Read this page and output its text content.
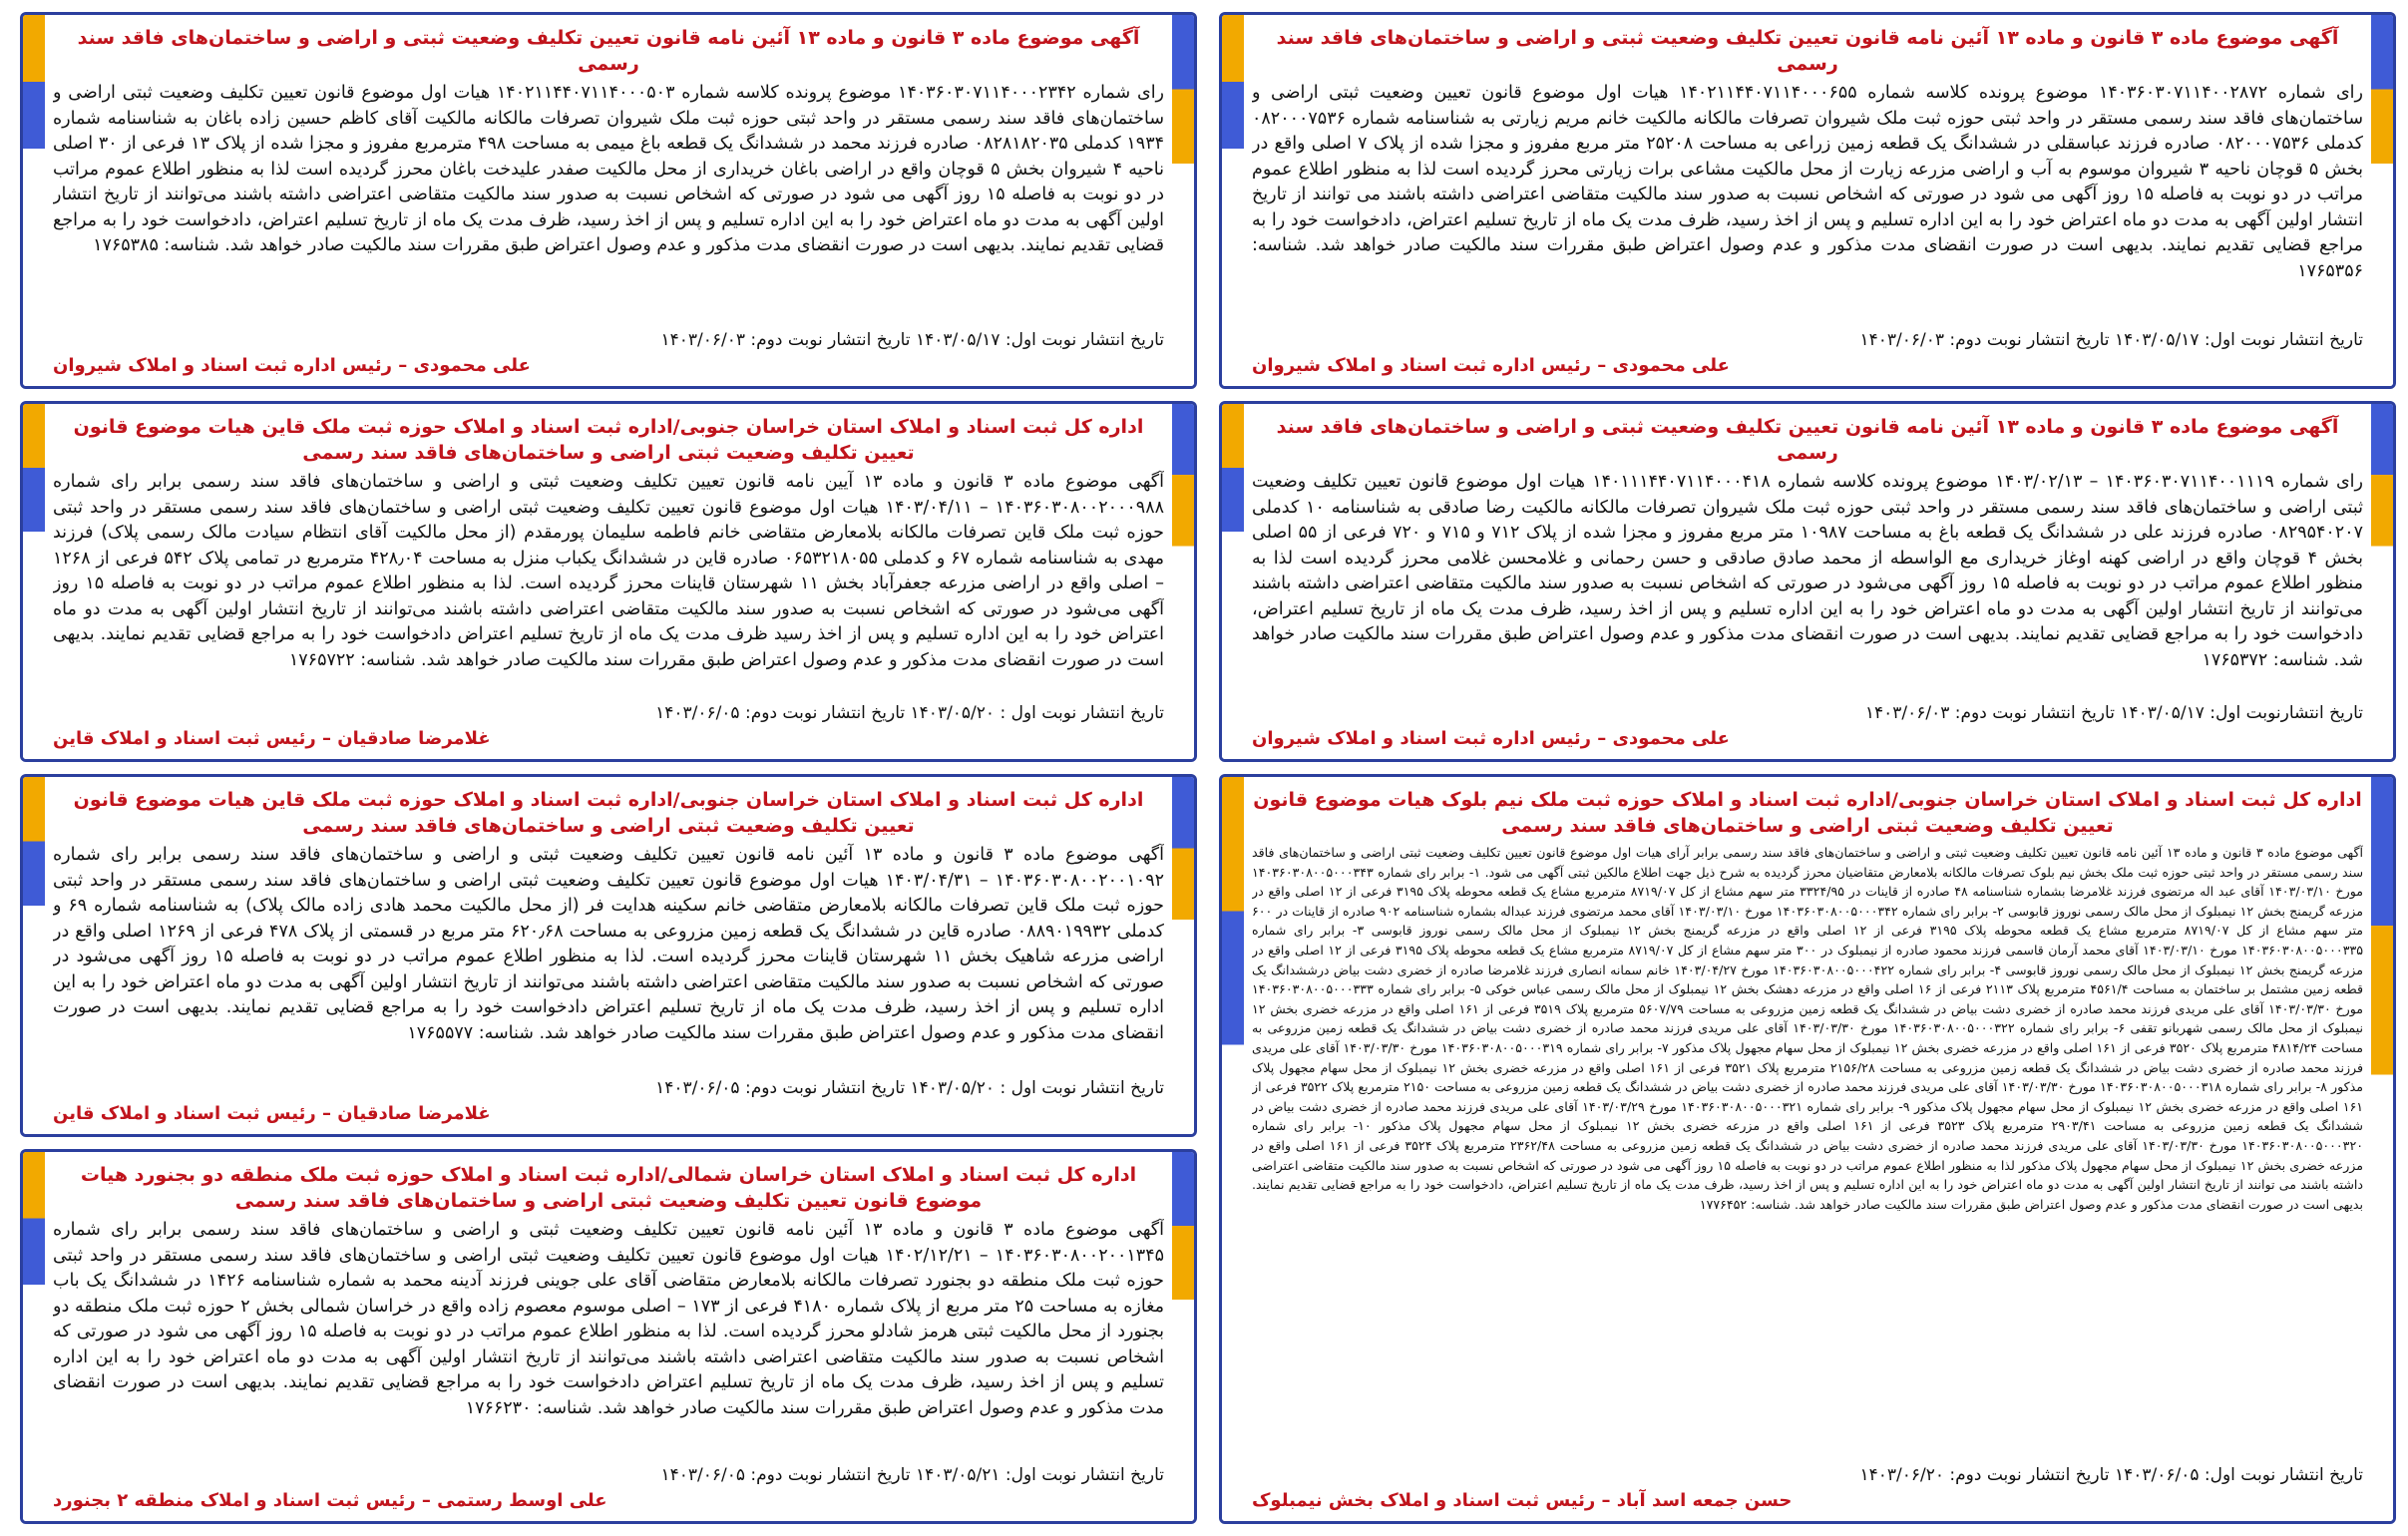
آگهی موضوع ماده ۳ قانون و ماده ۱۳ آئین نامه قانون تعیین تکلیف وضعیت ثبتی و اراضی و ساختمان‌های فاقد سند رسمی
رای شماره ۱۴۰۳۶۰۳۰۷۱۱۴۰۰۲۸۷۲ موضوع پرونده کلاسه شماره ۱۴۰۲۱۱۴۴۰۷۱۱۴۰۰۰۶۵۵ هیات اول موضوع قانون تعیین وضعیت ثبتی اراضی و ساختمان‌های فاقد سند رسمی مستقر در واحد ثبتی حوزه ثبت ملک شیروان تصرفات مالکانه مالکیت خانم مریم زیارتی به شناسنامه شماره ۰۸۲۰۰۰۷۵۳۶ کدملی ۰۸۲۰۰۰۷۵۳۶ صادره فرزند عباسقلی در ششدانگ یک قطعه زمین زراعی به مساحت ۲۵۲۰۸ متر مربع مفروز و مجزا شده از پلاک ۷ اصلی واقع در بخش ۵ قوچان ناحیه ۳ شیروان موسوم به آب و اراضی مزرعه زیارت از محل مالکیت مشاعی برات زیارتی محرز گردیده است لذا به منظور اطلاع عموم مراتب در دو نوبت به فاصله ۱۵ روز آگهی می شود در صورتی که اشخاص نسبت به صدور سند مالکیت متقاضی اعتراضی داشته باشند می توانند از تاریخ انتشار اولین آگهی به مدت دو ماه اعتراض خود را به این اداره تسلیم و پس از اخذ رسید، ظرف مدت یک ماه از تاریخ تسلیم اعتراض، دادخواست خود را به مراجع قضایی تقدیم نمایند. بدیهی است در صورت انقضای مدت مذکور و عدم وصول اعتراض طبق مقررات سند مالکیت صادر خواهد شد. شناسه: ۱۷۶۵۳۵۶
تاریخ انتشار نوبت اول: ۱۴۰۳/۰۵/۱۷ تاریخ انتشار نوبت دوم: ۱۴۰۳/۰۶/۰۳
علی محمودی – رئیس اداره ثبت اسناد و املاک شیروان
آگهی موضوع ماده ۳ قانون و ماده ۱۳ آئین نامه قانون تعیین تکلیف وضعیت ثبتی و اراضی و ساختمان‌های فاقد سند رسمی
رای شماره ۱۴۰۳۶۰۳۰۷۱۱۴۰۰۰۲۳۴۲ موضوع پرونده کلاسه شماره ۱۴۰۲۱۱۴۴۰۷۱۱۴۰۰۰۵۰۳ هیات اول موضوع قانون تعیین تکلیف وضعیت ثبتی اراضی و ساختمان‌های فاقد سند رسمی مستقر در واحد ثبتی حوزه ثبت ملک شیروان تصرفات مالکانه مالکیت آقای کاظم حسین زاده باغان به شناسنامه شماره ۱۹۳۴ کدملی ۰۸۲۸۱۸۲۰۳۵ صادره فرزند محمد در ششدانگ یک قطعه باغ میمی به مساحت ۴۹۸ مترمربع مفروز و مجزا شده از پلاک ۱۳ فرعی از ۳۰ اصلی ناحیه ۴ شیروان بخش ۵ قوچان واقع در اراضی باغان خریداری از محل مالکیت صفدر علیدخت باغان محرز گردیده است لذا به منظور اطلاع عموم مراتب در دو نوبت به فاصله ۱۵ روز آگهی می شود در صورتی که اشخاص نسبت به صدور سند مالکیت متقاضی اعتراضی داشته باشند می‌توانند از تاریخ انتشار اولین آگهی به مدت دو ماه اعتراض خود را به این اداره تسلیم و پس از اخذ رسید، ظرف مدت یک ماه از تاریخ تسلیم اعتراض، دادخواست خود را به مراجع قضایی تقدیم نمایند. بدیهی است در صورت انقضای مدت مذکور و عدم وصول اعتراض طبق مقررات سند مالکیت صادر خواهد شد. شناسه: ۱۷۶۵۳۸۵
تاریخ انتشار نوبت اول: ۱۴۰۳/۰۵/۱۷ تاریخ انتشار نوبت دوم: ۱۴۰۳/۰۶/۰۳
علی محمودی – رئیس اداره ثبت اسناد و املاک شیروان
آگهی موضوع ماده ۳ قانون و ماده ۱۳ آئین نامه قانون تعیین تکلیف وضعیت ثبتی و اراضی و ساختمان‌های فاقد سند رسمی
رای شماره ۱۴۰۳۶۰۳۰۷۱۱۴۰۰۱۱۱۹ – ۱۴۰۳/۰۲/۱۳ موضوع پرونده کلاسه شماره ۱۴۰۱۱۱۴۴۰۷۱۱۴۰۰۰۴۱۸ هیات اول موضوع قانون تعیین تکلیف وضعیت ثبتی اراضی و ساختمان‌های فاقد سند رسمی مستقر در واحد ثبتی حوزه ثبت ملک شیروان تصرفات مالکانه مالکیت رضا صادقی به شناسنامه ۱۰ کدملی ۰۸۲۹۵۴۰۲۰۷ صادره فرزند علی در ششدانگ یک قطعه باغ به مساحت ۱۰۹۸۷ متر مربع مفروز و مجزا شده از پلاک ۷۱۲ و ۷۱۵ و ۷۲۰ فرعی از ۵۵ اصلی بخش ۴ قوچان واقع در اراضی کهنه اوغاز خریداری مع الواسطه از محمد صادق صادقی و حسن رحمانی و غلامحسن غلامی محرز گردیده است لذا به منظور اطلاع عموم مراتب در دو نوبت به فاصله ۱۵ روز آگهی می‌شود در صورتی که اشخاص نسبت به صدور سند مالکیت متقاضی اعتراضی داشته باشند می‌توانند از تاریخ انتشار اولین آگهی به مدت دو ماه اعتراض خود را به این اداره تسلیم و پس از اخذ رسید، ظرف مدت یک ماه از تاریخ تسلیم اعتراض، دادخواست خود را به مراجع قضایی تقدیم نمایند. بدیهی است در صورت انقضای مدت مذکور و عدم وصول اعتراض طبق مقررات سند مالکیت صادر خواهد شد. شناسه: ۱۷۶۵۳۷۲
تاریخ انتشارنوبت اول: ۱۴۰۳/۰۵/۱۷ تاریخ انتشار نوبت دوم: ۱۴۰۳/۰۶/۰۳
علی محمودی – رئیس اداره ثبت اسناد و املاک شیروان
اداره کل ثبت اسناد و املاک استان خراسان جنوبی/اداره ثبت اسناد و املاک حوزه ثبت ملک قاین هیات موضوع قانون تعیین تکلیف وضعیت ثبتی اراضی و ساختمان‌های فاقد سند رسمی
آگهی موضوع ماده ۳ قانون و ماده ۱۳ آیین نامه قانون تعیین تکلیف وضعیت ثبتی و اراضی و ساختمان‌های فاقد سند رسمی برابر رای شماره ۱۴۰۳۶۰۳۰۸۰۰۲۰۰۰۹۸۸ – ۱۴۰۳/۰۴/۱۱ هیات اول موضوع قانون تعیین تکلیف وضعیت ثبتی اراضی و ساختمان‌های فاقد سند رسمی مستقر در واحد ثبتی حوزه ثبت ملک قاین تصرفات مالکانه بلامعارض متقاضی خانم فاطمه سلیمان پورمقدم (از محل مالکیت آقای انتظام سیادت مالک رسمی پلاک) فرزند مهدی به شناسنامه شماره ۶۷ و کدملی ۰۶۵۳۲۱۸۰۵۵ صادره قاین در ششدانگ یکباب منزل به مساحت ۴۲۸٫۰۴ مترمربع در تمامی پلاک ۵۴۲ فرعی از ۱۲۶۸ – اصلی واقع در اراضی مزرعه جعفرآباد بخش ۱۱ شهرستان قاینات محرز گردیده است. لذا به منظور اطلاع عموم مراتب در دو نوبت به فاصله ۱۵ روز آگهی می‌شود در صورتی که اشخاص نسبت به صدور سند مالکیت متقاضی اعتراضی داشته باشند می‌توانند از تاریخ انتشار اولین آگهی به مدت دو ماه اعتراض خود را به این اداره تسلیم و پس از اخذ رسید ظرف مدت یک ماه از تاریخ تسلیم اعتراض دادخواست خود را به مراجع قضایی تقدیم نمایند. بدیهی است در صورت انقضای مدت مذکور و عدم وصول اعتراض طبق مقررات سند مالکیت صادر خواهد شد. شناسه: ۱۷۶۵۷۲۲
تاریخ انتشار نوبت اول : ۱۴۰۳/۰۵/۲۰ تاریخ انتشار نوبت دوم: ۱۴۰۳/۰۶/۰۵
غلامرضا صادقیان – رئیس ثبت اسناد و املاک قاین
اداره کل ثبت اسناد و املاک استان خراسان جنوبی/اداره ثبت اسناد و املاک حوزه ثبت ملک قاین هیات موضوع قانون تعیین تکلیف وضعیت ثبتی اراضی و ساختمان‌های فاقد سند رسمی
آگهی موضوع ماده ۳ قانون و ماده ۱۳ آئین نامه قانون تعیین تکلیف وضعیت ثبتی و اراضی و ساختمان‌های فاقد سند رسمی برابر رای شماره ۱۴۰۳۶۰۳۰۸۰۰۲۰۰۱۰۹۲ – ۱۴۰۳/۰۴/۳۱ هیات اول موضوع قانون تعیین تکلیف وضعیت ثبتی اراضی و ساختمان‌های فاقد سند رسمی مستقر در واحد ثبتی حوزه ثبت ملک قاین تصرفات مالکانه بلامعارض متقاضی خانم سکینه هدایت فر (از محل مالکیت محمد هادی زاده مالک پلاک) به شناسنامه شماره ۶۹ و کدملی ۰۸۸۹۰۱۹۹۳۲ صادره قاین در ششدانگ یک قطعه زمین مزروعی به مساحت ۶۲۰٫۶۸ متر مربع در قسمتی از پلاک ۴۷۸ فرعی از ۱۲۶۹ اصلی واقع در اراضی مزرعه شاهیک بخش ۱۱ شهرستان قاینات محرز گردیده است. لذا به منظور اطلاع عموم مراتب در دو نوبت به فاصله ۱۵ روز آگهی می‌شود در صورتی که اشخاص نسبت به صدور سند مالکیت متقاضی اعتراضی داشته باشند می‌توانند از تاریخ انتشار اولین آگهی به مدت دو ماه اعتراض خود را به این اداره تسلیم و پس از اخذ رسید، ظرف مدت یک ماه از تاریخ تسلیم اعتراض دادخواست خود را به مراجع قضایی تقدیم نمایند. بدیهی است در صورت انقضای مدت مذکور و عدم وصول اعتراض طبق مقررات سند مالکیت صادر خواهد شد. شناسه: ۱۷۶۵۵۷۷
تاریخ انتشار نوبت اول : ۱۴۰۳/۰۵/۲۰ تاریخ انتشار نوبت دوم: ۱۴۰۳/۰۶/۰۵
غلامرضا صادقیان – رئیس ثبت اسناد و املاک قاین
اداره کل ثبت اسناد و املاک استان خراسان شمالی/اداره ثبت اسناد و املاک حوزه ثبت ملک منطقه دو بجنورد هیات موضوع قانون تعیین تکلیف وضعیت ثبتی اراضی و ساختمان‌های فاقد سند رسمی
آگهی موضوع ماده ۳ قانون و ماده ۱۳ آئین نامه قانون تعیین تکلیف وضعیت ثبتی و اراضی و ساختمان‌های فاقد سند رسمی برابر رای شماره ۱۴۰۳۶۰۳۰۸۰۰۲۰۰۱۳۴۵ – ۱۴۰۲/۱۲/۲۱ هیات اول موضوع قانون تعیین تکلیف وضعیت ثبتی اراضی و ساختمان‌های فاقد سند رسمی مستقر در واحد ثبتی حوزه ثبت ملک منطقه دو بجنورد تصرفات مالکانه بلامعارض متقاضی آقای علی جوینی فرزند آدینه محمد به شماره شناسنامه ۱۴۲۶ در ششدانگ یک باب مغازه به مساحت ۲۵ متر مربع از پلاک شماره ۴۱۸۰ فرعی از ۱۷۳ – اصلی موسوم معصوم زاده واقع در خراسان شمالی بخش ۲ حوزه ثبت ملک منطقه دو بجنورد از محل مالکیت ثبتی هرمز شادلو محرز گردیده است. لذا به منظور اطلاع عموم مراتب در دو نوبت به فاصله ۱۵ روز آگهی می شود در صورتی که اشخاص نسبت به صدور سند مالکیت متقاضی اعتراضی داشته باشند می‌توانند از تاریخ انتشار اولین آگهی به مدت دو ماه اعتراض خود را به این اداره تسلیم و پس از اخذ رسید، ظرف مدت یک ماه از تاریخ تسلیم اعتراض دادخواست خود را به مراجع قضایی تقدیم نمایند. بدیهی است در صورت انقضای مدت مذکور و عدم وصول اعتراض طبق مقررات سند مالکیت صادر خواهد شد. شناسه: ۱۷۶۶۲۳۰
تاریخ انتشار نوبت اول: ۱۴۰۳/۰۵/۲۱ تاریخ انتشار نوبت دوم: ۱۴۰۳/۰۶/۰۵
علی اوسط رستمی – رئیس ثبت اسناد و املاک منطقه ۲ بجنورد
اداره کل ثبت اسناد و املاک استان خراسان جنوبی/اداره ثبت اسناد و املاک حوزه ثبت ملک نیم بلوک هیات موضوع قانون تعیین تکلیف وضعیت ثبتی اراضی و ساختمان‌های فاقد سند رسمی
آگهی موضوع ماده ۳ قانون و ماده ۱۳ آئین نامه قانون تعیین تکلیف وضعیت ثبتی و اراضی و ساختمان‌های فاقد سند رسمی برابر آرای هیات اول موضوع قانون تعیین تکلیف وضعیت ثبتی اراضی و ساختمان‌های فاقد سند رسمی مستقر در واحد ثبتی حوزه ثبت ملک بخش نیم بلوک تصرفات مالکانه بلامعارض متقاضیان محرز گردیده به شرح ذیل جهت اطلاع مالکین ثبتی آگهی می شود. ۱- برابر رای شماره ۱۴۰۳۶۰۳۰۸۰۰۵۰۰۰۳۴۳ مورخ ۱۴۰۳/۰۳/۱۰ آقای عبد اله مرتضوی فرزند غلامرضا بشماره شناسنامه ۴۸ صادره از قاینات در ۳۳۲۴/۹۵ متر سهم مشاع از کل ۸۷۱۹/۰۷ مترمربع مشاع یک قطعه محوطه پلاک ۳۱۹۵ فرعی از ۱۲ اصلی واقع در مزرعه گریمنج بخش ۱۲ نیمبلوک از محل مالک رسمی نوروز قابوسی ۲- برابر رای شماره ۱۴۰۳۶۰۳۰۸۰۰۵۰۰۰۳۴۲ مورخ ۱۴۰۳/۰۳/۱۰ آقای محمد مرتضوی فرزند عبداله بشماره شناسنامه ۹۰۲ صادره از قاینات در ۶۰۰ متر سهم مشاع از کل ۸۷۱۹/۰۷ مترمربع مشاع یک قطعه محوطه پلاک ۳۱۹۵ فرعی از ۱۲ اصلی واقع در مزرعه گریمنج بخش ۱۲ نیمبلوک از محل مالک رسمی نوروز قابوسی ۳- برابر رای شماره ۱۴۰۳۶۰۳۰۸۰۰۵۰۰۰۳۳۵ مورخ ۱۴۰۳/۰۳/۱۰ آقای محمد آرمان قاسمی فرزند محمود صادره از نیمبلوک در ۳۰۰ متر سهم مشاع از کل ۸۷۱۹/۰۷ مترمربع مشاع یک قطعه محوطه پلاک ۳۱۹۵ فرعی از ۱۲ اصلی واقع در مزرعه گریمنج بخش ۱۲ نیمبلوک از محل مالک رسمی نوروز قابوسی ۴- برابر رای شماره ۱۴۰۳۶۰۳۰۸۰۰۵۰۰۰۴۲۲ مورخ ۱۴۰۳/۰۴/۲۷ خانم سمانه انصاری فرزند غلامرضا صادره از خضری دشت بیاض درششدانگ یک قطعه زمین مشتمل بر ساختمان به مساحت ۴۵۶۱/۴ مترمربع پلاک ۲۱۱۳ فرعی از ۱۶ اصلی واقع در مزرعه دهشک بخش ۱۲ نیمبلوک از محل مالک رسمی عباس خوکی ۵- برابر رای شماره ۱۴۰۳۶۰۳۰۸۰۰۵۰۰۰۳۳۳ مورخ ۱۴۰۳/۰۳/۳۰ آقای علی مریدی فرزند محمد صادره از خضری دشت بیاض در ششدانگ یک قطعه زمین مزروعی به مساحت ۵۶۰۷/۷۹ مترمربع پلاک ۳۵۱۹ فرعی از ۱۶۱ اصلی واقع در مزرعه خضری بخش ۱۲ نیمبلوک از محل مالک رسمی شهربانو تقفی ۶- برابر رای شماره ۱۴۰۳۶۰۳۰۸۰۰۵۰۰۰۳۲۲ مورخ ۱۴۰۳/۰۳/۳۰ آقای علی مریدی فرزند محمد صادره از خضری دشت بیاض در ششدانگ یک قطعه زمین مزروعی به مساحت ۴۸۱۴/۲۴ مترمربع پلاک ۳۵۲۰ فرعی از ۱۶۱ اصلی واقع در مزرعه خضری بخش ۱۲ نیمبلوک از محل سهام مجهول پلاک مذکور ۷- برابر رای شماره ۱۴۰۳۶۰۳۰۸۰۰۵۰۰۰۳۱۹ مورخ ۱۴۰۳/۰۳/۳۰ آقای علی مریدی فرزند محمد صادره از خضری دشت بیاض در ششدانگ یک قطعه زمین مزروعی به مساحت ۲۱۵۶/۲۸ مترمربع پلاک ۳۵۲۱ فرعی از ۱۶۱ اصلی واقع در مزرعه خضری بخش ۱۲ نیمبلوک از محل سهام مجهول پلاک مذکور ۸- برابر رای شماره ۱۴۰۳۶۰۳۰۸۰۰۵۰۰۰۳۱۸ مورخ ۱۴۰۳/۰۳/۳۰ آقای علی مریدی فرزند محمد صادره از خضری دشت بیاض در ششدانگ یک قطعه زمین مزروعی به مساحت ۲۱۵۰ مترمربع پلاک ۳۵۲۲ فرعی از ۱۶۱ اصلی واقع در مزرعه خضری بخش ۱۲ نیمبلوک از محل سهام مجهول پلاک مذکور ۹- برابر رای شماره ۱۴۰۳۶۰۳۰۸۰۰۵۰۰۰۳۲۱ مورخ ۱۴۰۳/۰۳/۲۹ آقای علی مریدی فرزند محمد صادره از خضری دشت بیاض در ششدانگ یک قطعه زمین مزروعی به مساحت ۲۹۰۳/۴۱ مترمربع پلاک ۳۵۲۳ فرعی از ۱۶۱ اصلی واقع در مزرعه خضری بخش ۱۲ نیمبلوک از محل سهام مجهول پلاک مذکور ۱۰- برابر رای شماره ۱۴۰۳۶۰۳۰۸۰۰۵۰۰۰۳۲۰ مورخ ۱۴۰۳/۰۳/۳۰ آقای علی مریدی فرزند محمد صادره از خضری دشت بیاض در ششدانگ یک قطعه زمین مزروعی به مساحت ۲۳۶۲/۴۸ مترمربع پلاک ۳۵۲۴ فرعی از ۱۶۱ اصلی واقع در مزرعه خضری بخش ۱۲ نیمبلوک از محل سهام مجهول پلاک مذکور لذا به منظور اطلاع عموم مراتب در دو نوبت به فاصله ۱۵ روز آگهی می شود در صورتی که اشخاص نسبت به صدور سند مالکیت متقاضی اعتراضی داشته باشند می توانند از تاریخ انتشار اولین آگهی به مدت دو ماه اعتراض خود را به این اداره تسلیم و پس از اخذ رسید، ظرف مدت یک ماه از تاریخ تسلیم اعتراض، دادخواست خود را به مراجع قضایی تقدیم نمایند. بدیهی است در صورت انقضای مدت مذکور و عدم وصول اعتراض طبق مقررات سند مالکیت صادر خواهد شد. شناسه: ۱۷۷۶۴۵۲
تاریخ انتشار نوبت اول: ۱۴۰۳/۰۶/۰۵ تاریخ انتشار نوبت دوم: ۱۴۰۳/۰۶/۲۰
حسن جمعه اسد آباد – رئیس ثبت اسناد و املاک بخش نیمبلوک
